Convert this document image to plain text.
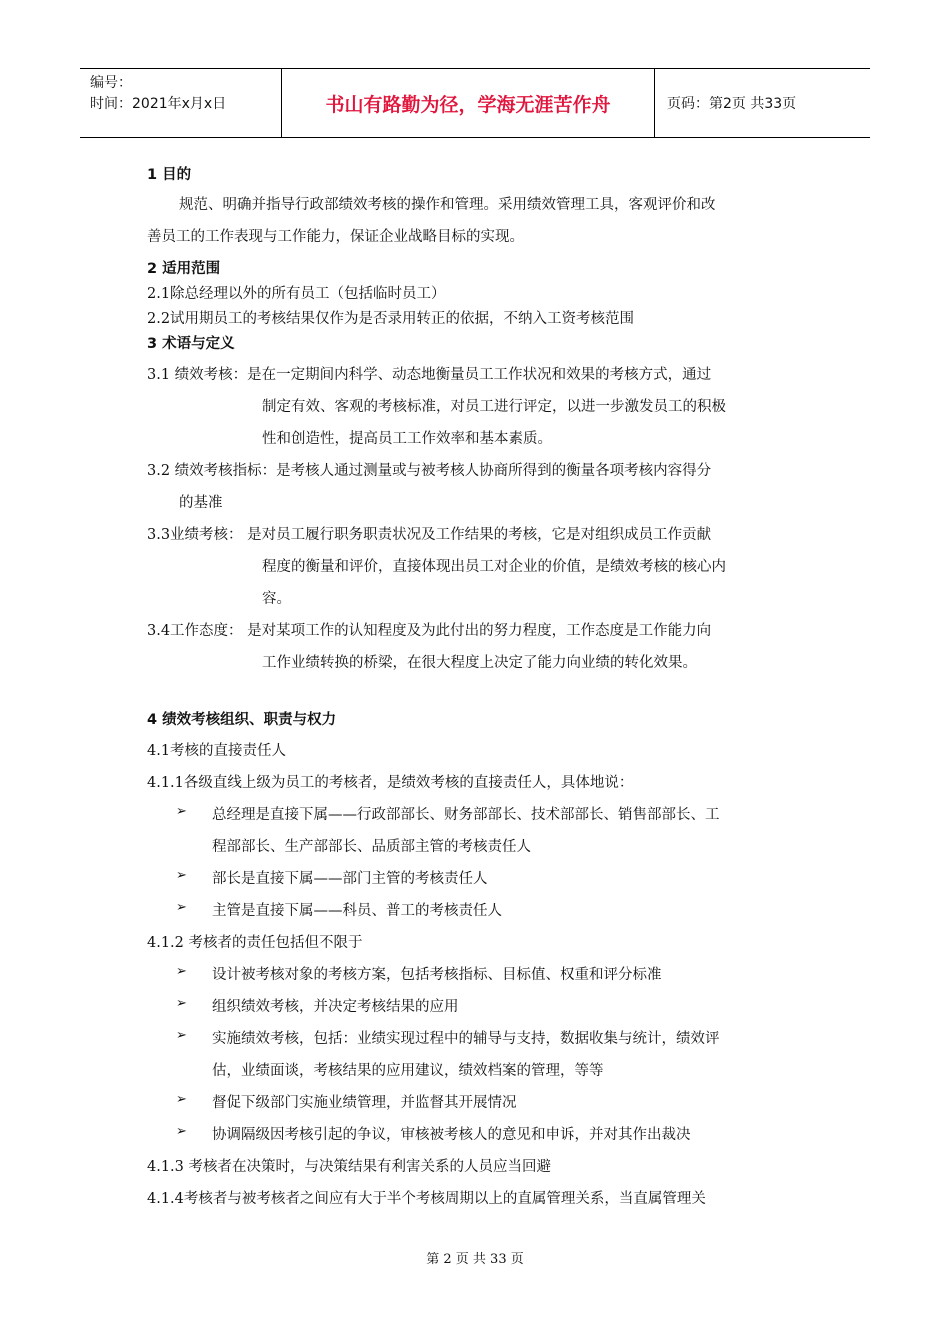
编号：
时间：2021年x月x日	书山有路勤为径，学海无涯苦作舟	页码：第2页 共33页
1 目的
规范、明确并指导行政部绩效考核的操作和管理。采用绩效管理工具，客观评价和改
善员工的工作表现与工作能力，保证企业战略目标的实现。
2 适用范围
2.1除总经理以外的所有员工（包括临时员工）
2.2试用期员工的考核结果仅作为是否录用转正的依据，不纳入工资考核范围
3 术语与定义
3.1 绩效考核：是在一定期间内科学、动态地衡量员工工作状况和效果的考核方式，通过
制定有效、客观的考核标准，对员工进行评定，以进一步激发员工的积极
性和创造性，提高员工工作效率和基本素质。
3.2 绩效考核指标：是考核人通过测量或与被考核人协商所得到的衡量各项考核内容得分
的基准
3.3业绩考核： 是对员工履行职务职责状况及工作结果的考核，它是对组织成员工作贡献
程度的衡量和评价，直接体现出员工对企业的价值，是绩效考核的核心内
容。
3.4工作态度： 是对某项工作的认知程度及为此付出的努力程度，工作态度是工作能力向
工作业绩转换的桥梁，在很大程度上决定了能力向业绩的转化效果。
4 绩效考核组织、职责与权力
4.1考核的直接责任人
4.1.1各级直线上级为员工的考核者，是绩效考核的直接责任人，具体地说：
➢ 总经理是直接下属——行政部部长、财务部部长、技术部部长、销售部部长、工
程部部长、生产部部长、品质部主管的考核责任人
➢ 部长是直接下属——部门主管的考核责任人
➢ 主管是直接下属——科员、普工的考核责任人
4.1.2 考核者的责任包括但不限于
➢ 设计被考核对象的考核方案，包括考核指标、目标值、权重和评分标准
➢ 组织绩效考核，并决定考核结果的应用
➢ 实施绩效考核，包括：业绩实现过程中的辅导与支持，数据收集与统计，绩效评
估，业绩面谈，考核结果的应用建议，绩效档案的管理，等等
➢ 督促下级部门实施业绩管理，并监督其开展情况
➢ 协调隔级因考核引起的争议，审核被考核人的意见和申诉，并对其作出裁决
4.1.3 考核者在决策时，与决策结果有利害关系的人员应当回避
4.1.4考核者与被考核者之间应有大于半个考核周期以上的直属管理关系，当直属管理关
第 2 页 共 33 页
